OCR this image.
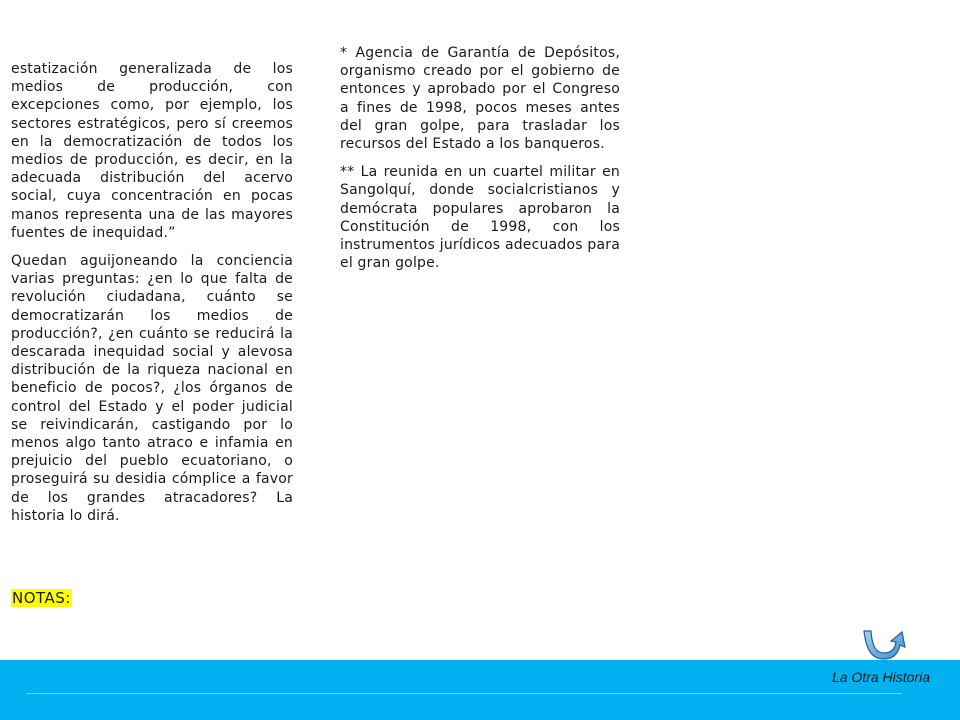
estatización generalizada de los medios de producción, con excepciones como, por ejemplo, los sectores estratégicos, pero sí creemos en la democratización de todos los medios de producción, es decir, en la adecuada distribución del acervo social, cuya concentración en pocas manos representa una de las mayores fuentes de inequidad.”

Quedan aguijoneando la conciencia varias preguntas: ¿en lo que falta de revolución ciudadana, cuánto se democratizarán los medios de producción?, ¿en cuánto se reducirá la descarada inequidad social y alevosa distribución de la riqueza nacional en beneficio de pocos?, ¿los órganos de control del Estado y el poder judicial se reivindicarán, castigando por lo menos algo tanto atraco e infamia en prejuicio del pueblo ecuatoriano, o proseguirá su desidia cómplice a favor de los grandes atracadores? La historia lo dirá.

* Agencia de Garantía de Depósitos, organismo creado por el gobierno de entonces y aprobado por el Congreso a fines de 1998, pocos meses antes del gran golpe, para trasladar los recursos del Estado a los banqueros.

** La reunida en un cuartel militar en Sangolquí, donde socialcristianos y demócrata populares aprobaron la Constitución de 1998, con los instrumentos jurídicos adecuados para el gran golpe.

NOTAS:
La Otra Historia
